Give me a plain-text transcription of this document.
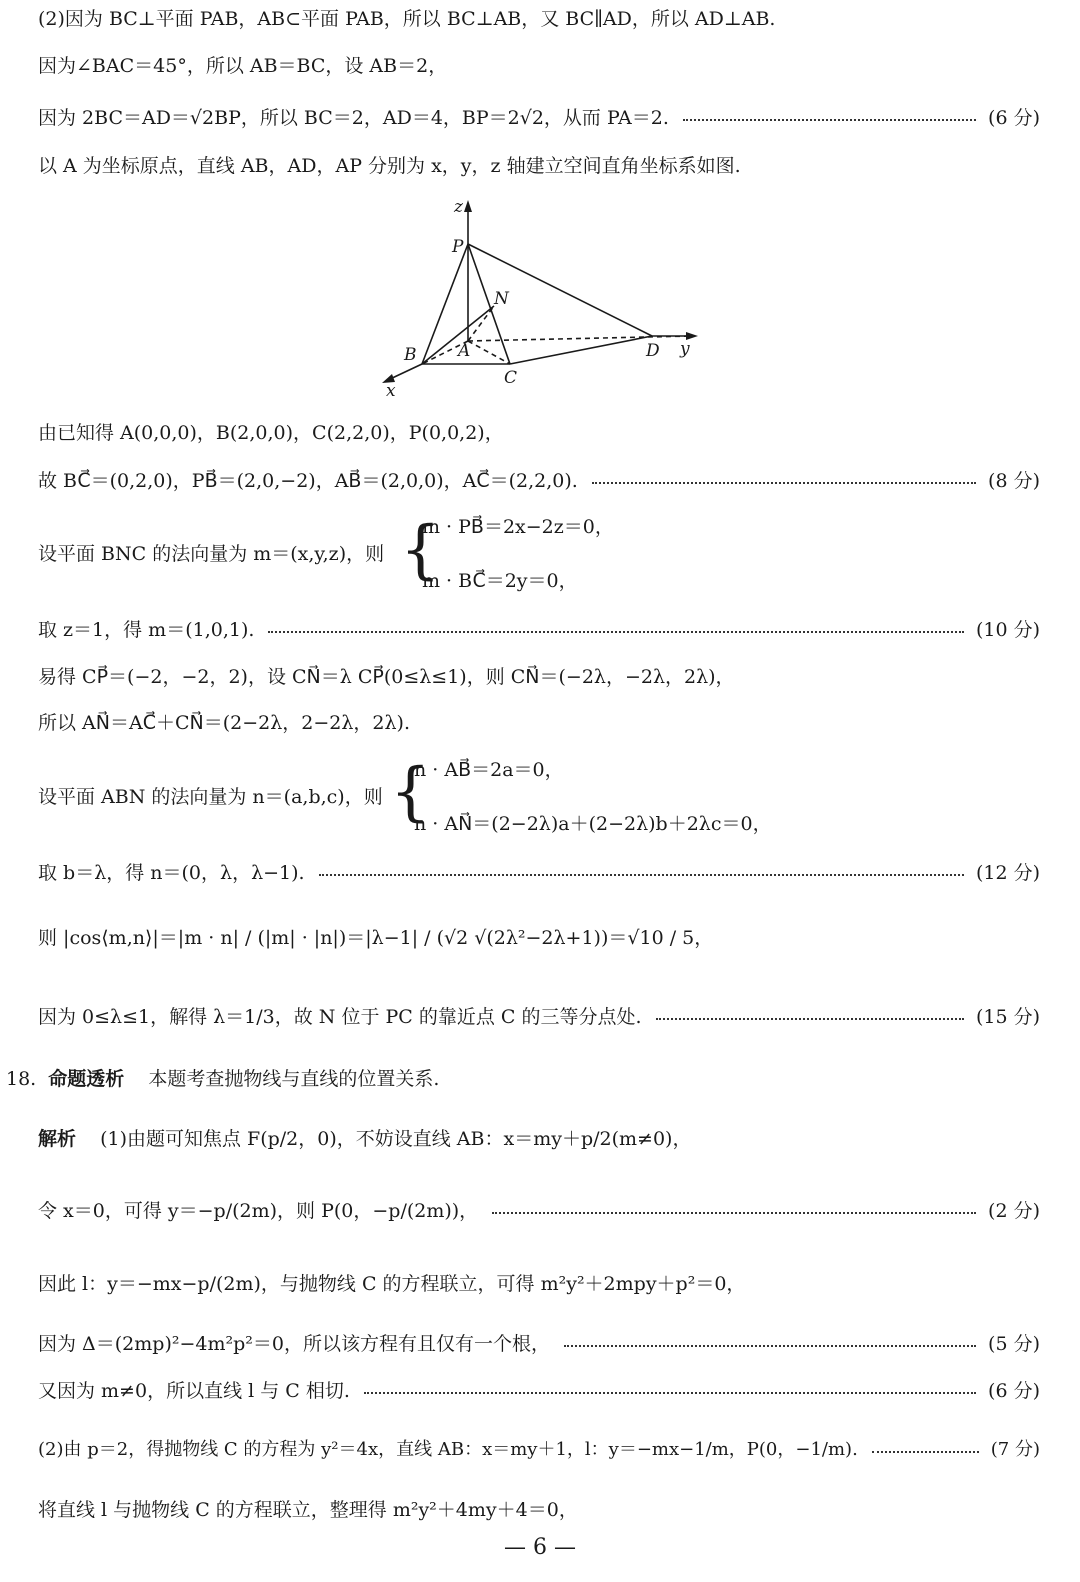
(2)因为 BC⊥平面 PAB，AB⊂平面 PAB，所以 BC⊥AB，又 BC∥AD，所以 AD⊥AB.
因为∠BAC＝45°，所以 AB＝BC，设 AB＝2，
因为 2BC＝AD＝√2BP，所以 BC＝2，AD＝4，BP＝2√2，从而 PA＝2.	(6 分)
以 A 为坐标原点，直线 AB，AD，AP 分别为 x，y，z 轴建立空间直角坐标系如图.
z
P
N
A
B
C
D y
x
由已知得 A(0,0,0)，B(2,0,0)，C(2,2,0)，P(0,0,2)，
故 BC⃗＝(0,2,0)，PB⃗＝(2,0,−2)，AB⃗＝(2,0,0)，AC⃗＝(2,2,0).	(8 分)
设平面 BNC 的法向量为 m＝(x,y,z)，则 {
m · PB⃗＝2x−2z＝0，
m · BC⃗＝2y＝0，
取 z＝1，得 m＝(1,0,1).	(10 分)
易得 CP⃗＝(−2，−2，2)，设 CN⃗＝λ CP⃗(0≤λ≤1)，则 CN⃗＝(−2λ，−2λ，2λ)，
所以 AN⃗＝AC⃗＋CN⃗＝(2−2λ，2−2λ，2λ).
设平面 ABN 的法向量为 n＝(a,b,c)，则 {
n · AB⃗＝2a＝0，
n · AN⃗＝(2−2λ)a＋(2−2λ)b＋2λc＝0，
取 b＝λ，得 n＝(0，λ，λ−1).	(12 分)
则 |cos⟨m,n⟩|＝|m · n| / (|m| · |n|)＝|λ−1| / (√2 √(2λ²−2λ+1))＝√10 / 5，
因为 0≤λ≤1，解得 λ＝1/3，故 N 位于 PC 的靠近点 C 的三等分点处.	(15 分)
18. 命题透析 本题考查抛物线与直线的位置关系.
解析 (1)由题可知焦点 F(p/2，0)，不妨设直线 AB：x＝my＋p/2(m≠0)，
令 x＝0，可得 y＝−p/(2m)，则 P(0，−p/(2m))，	(2 分)
因此 l：y＝−mx−p/(2m)，与抛物线 C 的方程联立，可得 m²y²＋2mpy＋p²＝0，
因为 Δ＝(2mp)²−4m²p²＝0，所以该方程有且仅有一个根，	(5 分)
又因为 m≠0，所以直线 l 与 C 相切.	(6 分)
(2)由 p＝2，得抛物线 C 的方程为 y²＝4x，直线 AB：x＝my＋1，l：y＝−mx−1/m，P(0，−1/m).	(7 分)
将直线 l 与抛物线 C 的方程联立，整理得 m²y²＋4my＋4＝0，
— 6 —
